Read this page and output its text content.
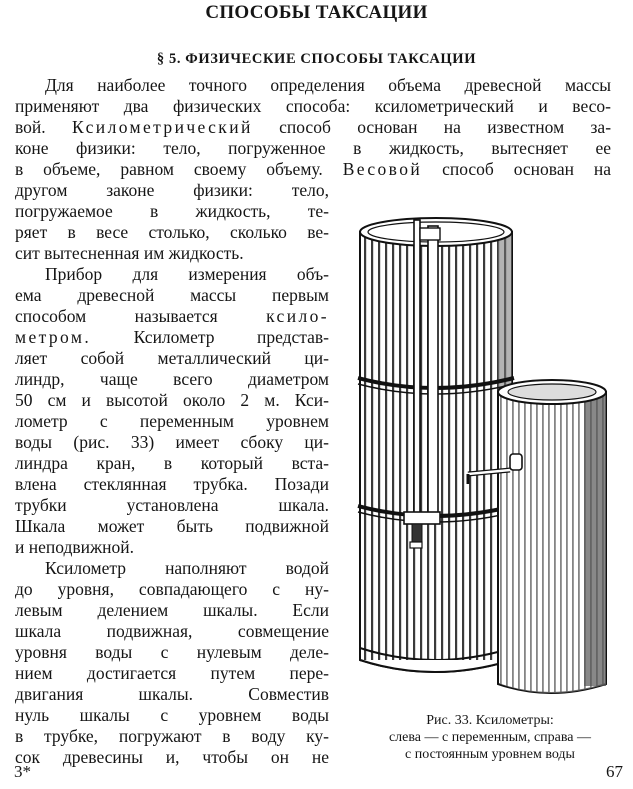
СПОСОБЫ ТАКСАЦИИ
§ 5. ФИЗИЧЕСКИЕ СПОСОБЫ ТАКСАЦИИ

Для наиболее точного определения объема древесной массы

применяют два физических способа: ксилометрический и весо-

вой. Ксилометрический способ основан на известном за-

коне физики: тело, погруженное в жидкость, вытесняет ее

в объеме, равном своему объему. Весовой способ основан на

другом законе физики: тело,

погружаемое в жидкость, те-

ряет в весе столько, сколько ве-

сит вытесненная им жидкость.

Прибор для измерения объ-

ема древесной массы первым

способом называется	ксило-

метром. Ксилометр представ-

ляет собой металлический ци-

линдр, чаще всего диаметром

50 см и высотой около 2 м. Кси-

лометр с переменным уровнем

воды (рис. 33) имеет сбоку ци-

линдра кран, в который вста-

влена стеклянная трубка. Позади

трубки установлена шкала.

Шкала может быть подвижной

и неподвижной.

Ксилометр наполняют водой

до уровня, совпадающего с ну-

левым делением шкалы. Если

шкала подвижная, совмещение

уровня воды с нулевым деле-

нием достигается путем пере-

двигания шкалы. Совместив

нуль шкалы с уровнем воды

в трубке, погружают в воду ку-

Рис. 33. Ксилометры:
слева — с переменным, справа —
с постоянным уровнем воды
3*	67

сок древесины и, чтобы он не
